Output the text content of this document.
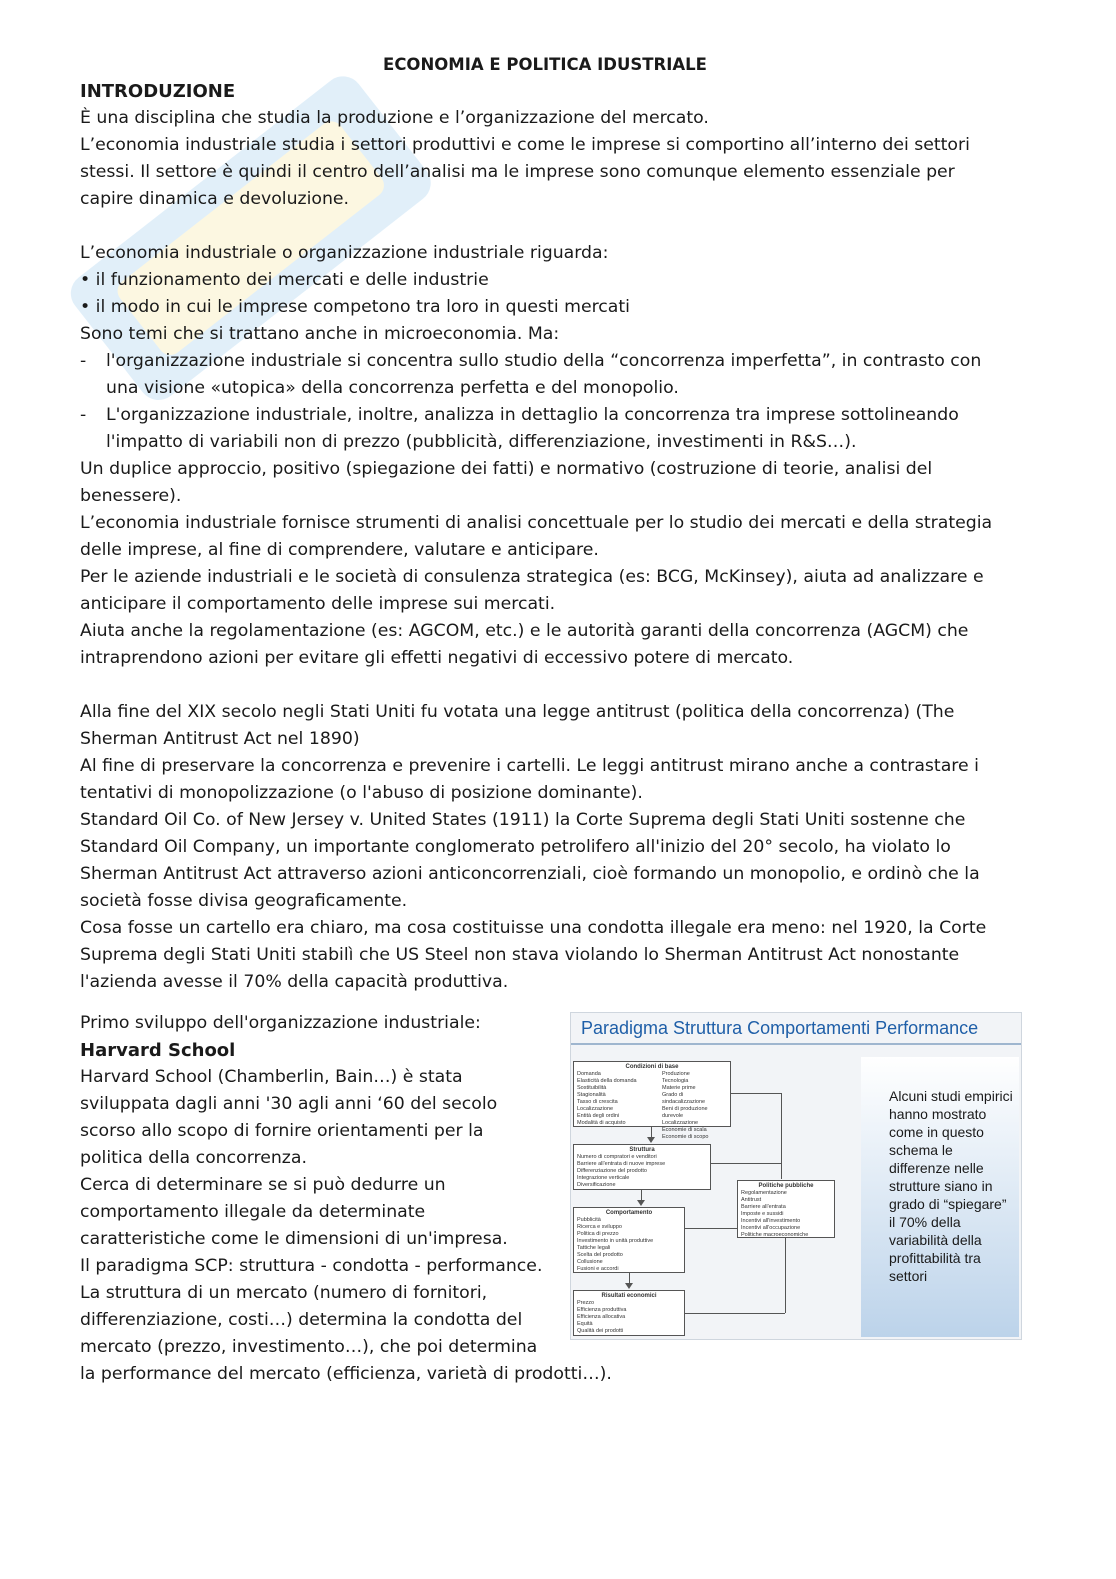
ECONOMIA E POLITICA IDUSTRIALE

INTRODUZIONE

È una disciplina che studia la produzione e l’organizzazione del mercato.

L’economia industriale studia i settori produttivi e come le imprese si comportino all’interno dei settori stessi. Il settore è quindi il centro dell’analisi ma le imprese sono comunque elemento essenziale per capire dinamica e devoluzione.

L’economia industriale o organizzazione industriale riguarda:

• il funzionamento dei mercati e delle industrie

• il modo in cui le imprese competono tra loro in questi mercati

Sono temi che si trattano anche in microeconomia. Ma:

- l'organizzazione industriale si concentra sullo studio della “concorrenza imperfetta”, in contrasto con una visione «utopica» della concorrenza perfetta e del monopolio.
- L'organizzazione industriale, inoltre, analizza in dettaglio la concorrenza tra imprese sottolineando l'impatto di variabili non di prezzo (pubblicità, differenziazione, investimenti in R&S…).

Un duplice approccio, positivo (spiegazione dei fatti) e normativo (costruzione di teorie, analisi del benessere).

L’economia industriale fornisce strumenti di analisi concettuale per lo studio dei mercati e della strategia delle imprese, al fine di comprendere, valutare e anticipare.

Per le aziende industriali e le società di consulenza strategica (es: BCG, McKinsey), aiuta ad analizzare e anticipare il comportamento delle imprese sui mercati.

Aiuta anche la regolamentazione (es: AGCOM, etc.) e le autorità garanti della concorrenza (AGCM) che intraprendono azioni per evitare gli effetti negativi di eccessivo potere di mercato.

Alla fine del XIX secolo negli Stati Uniti fu votata una legge antitrust (politica della concorrenza) (The Sherman Antitrust Act nel 1890)

Al fine di preservare la concorrenza e prevenire i cartelli. Le leggi antitrust mirano anche a contrastare i tentativi di monopolizzazione (o l'abuso di posizione dominante).

Standard Oil Co. of New Jersey v. United States (1911) la Corte Suprema degli Stati Uniti sostenne che Standard Oil Company, un importante conglomerato petrolifero all'inizio del 20° secolo, ha violato lo Sherman Antitrust Act attraverso azioni anticoncorrenziali, cioè formando un monopolio, e ordinò che la società fosse divisa geograficamente.

Cosa fosse un cartello era chiaro, ma cosa costituisse una condotta illegale era meno: nel 1920, la Corte Suprema degli Stati Uniti stabilì che US Steel non stava violando lo Sherman Antitrust Act nonostante l'azienda avesse il 70% della capacità produttiva.

Paradigma Struttura Comportamenti Performance
Alcuni studi empirici hanno mostrato come in questo schema le differenze nelle strutture siano in grado di “spiegare” il 70% della variabilità della profittabilità tra settori
Condizioni di base
Domanda
Elasticità della domanda
Sostituibilità
Stagionalità
Tasso di crescita
Localizzazione
Entità degli ordini
Modalità di acquisto
Produzione
Tecnologia
Materie prime
Grado di sindacalizzazione
Beni di produzione durevole
Localizzazione
Economie di scala
Economie di scopo
Struttura
Numero di compratori e venditori
Barriere all'entrata di nuove imprese
Differenziazione del prodotto
Integrazione verticale
Diversificazione
Comportamento
Pubblicità
Ricerca e sviluppo
Politica di prezzo
Investimento in unità produttive
Tattiche legali
Scelta del prodotto
Collusione
Fusioni e accordi
Risultati economici
Prezzo
Efficienza produttiva
Efficienza allocativa
Equità
Qualità dei prodotti
Politiche pubbliche
Regolamentazione
Antitrust
Barriere all'entrata
Imposte e sussidi
Incentivi all'investimento
Incentivi all'occupazione
Politiche macroeconomiche

Primo sviluppo dell'organizzazione industriale:

Harvard School

Harvard School (Chamberlin, Bain…) è stata sviluppata dagli anni '30 agli anni ‘60 del secolo scorso allo scopo di fornire orientamenti per la politica della concorrenza.

Cerca di determinare se si può dedurre un comportamento illegale da determinate caratteristiche come le dimensioni di un'impresa.

Il paradigma SCP: struttura - condotta - performance. La struttura di un mercato (numero di fornitori, differenziazione, costi…) determina la condotta del mercato (prezzo, investimento…), che poi determina la performance del mercato (efficienza, varietà di prodotti…).
